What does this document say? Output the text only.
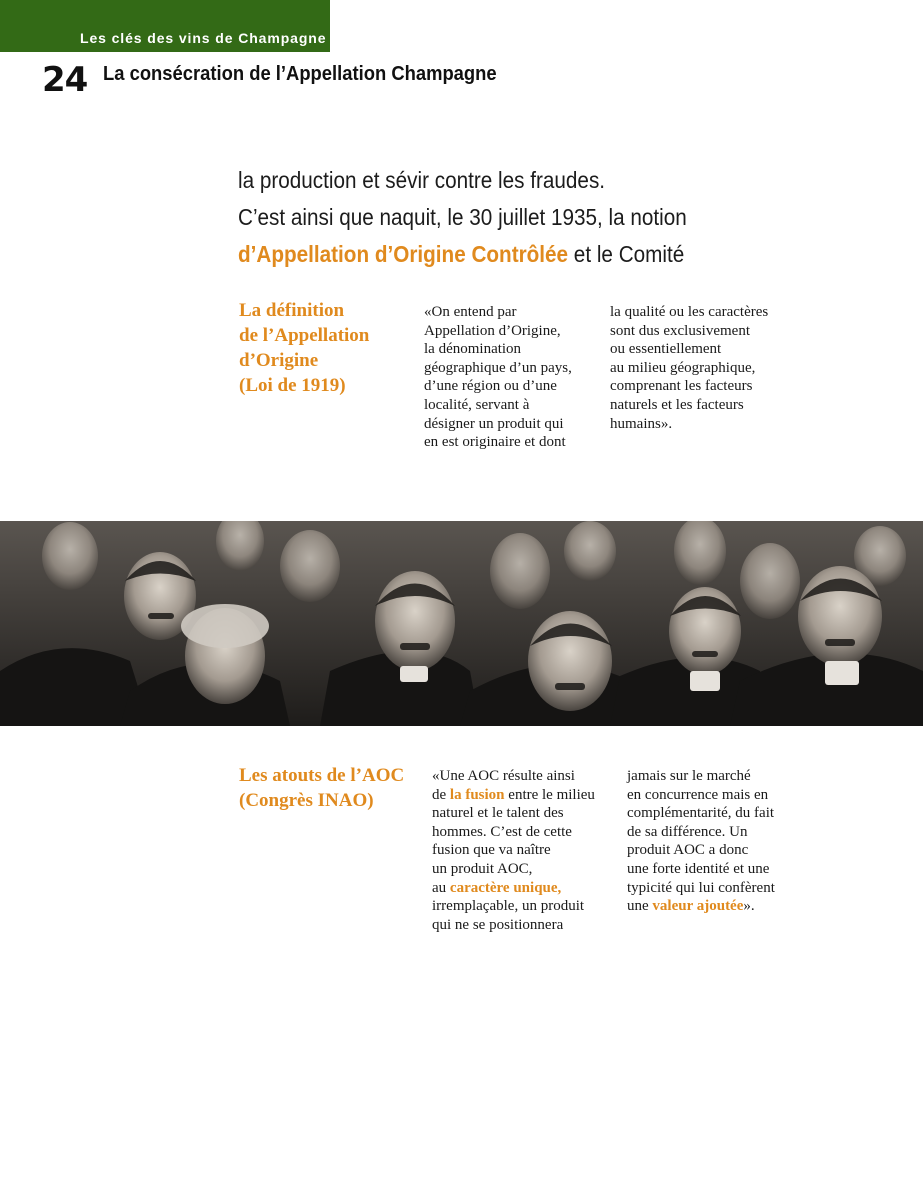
Les clés des vins de Champagne
24 La consécration de l’Appellation Champagne
la production et sévir contre les fraudes.
C’est ainsi que naquit, le 30 juillet 1935, la notion
d’Appellation d’Origine Contrôlée et le Comité
La définition
de l’Appellation
d’Origine
(Loi de 1919)
«On entend par
Appellation d’Origine,
la dénomination
géographique d’un pays,
d’une région ou d’une
localité, servant à
désigner un produit qui
en est originaire et dont
la qualité ou les caractères
sont dus exclusivement
ou essentiellement
au milieu géographique,
comprenant les facteurs
naturels et les facteurs
humains».
Les atouts de l’AOC
(Congrès INAO)
«Une AOC résulte ainsi
de la fusion entre le milieu
naturel et le talent des
hommes. C’est de cette
fusion que va naître
un produit AOC,
au caractère unique,
irremplaçable, un produit
qui ne se positionnera
jamais sur le marché
en concurrence mais en
complémentarité, du fait
de sa différence. Un
produit AOC a donc
une forte identité et une
typicité qui lui confèrent
une valeur ajoutée».
